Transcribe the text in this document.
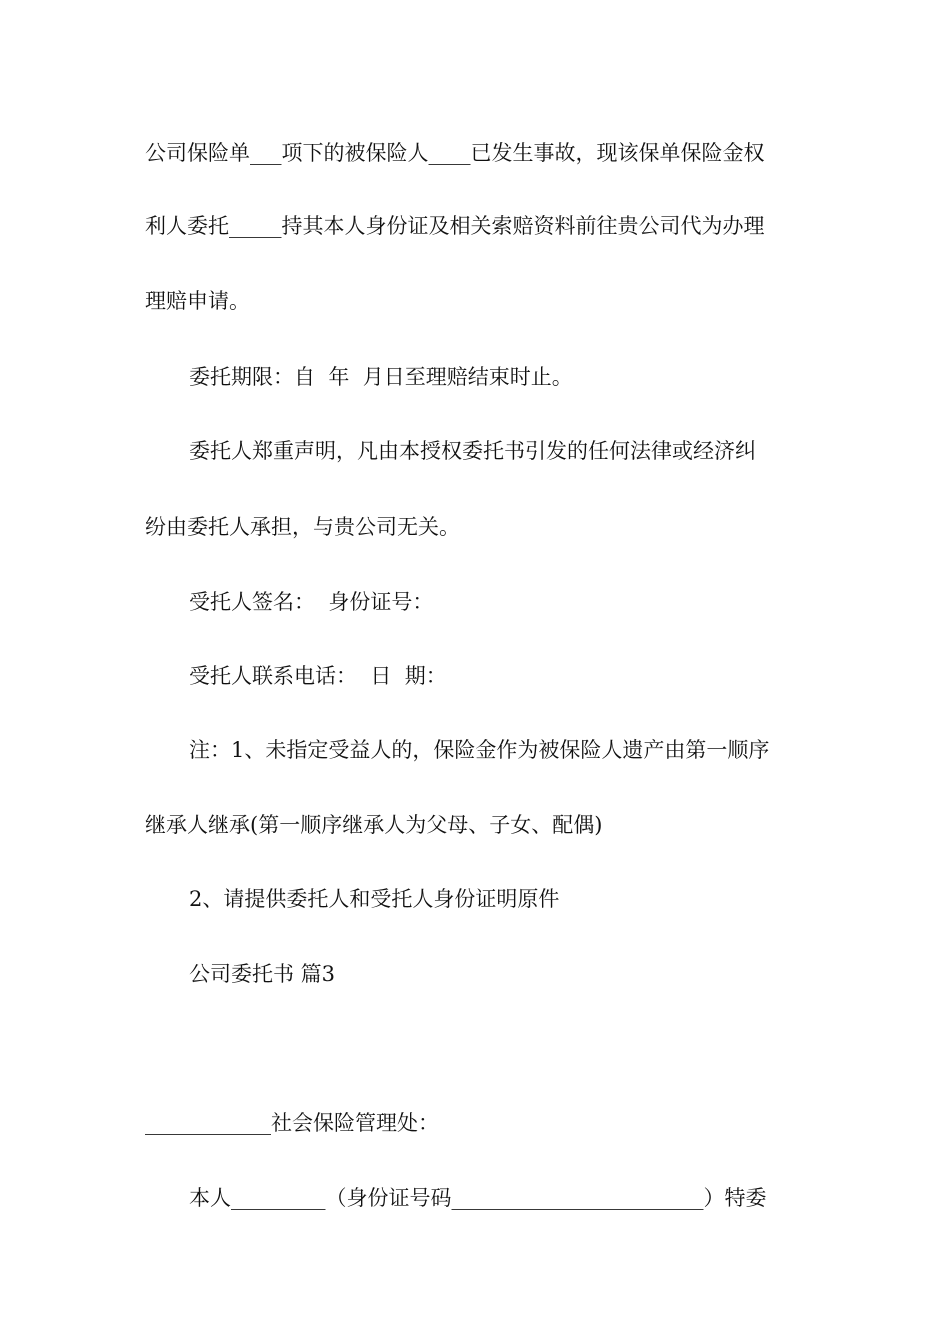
公司保险单___项下的被保险人____已发生事故，现该保单保险金权

利人委托_____持其本人身份证及相关索赔资料前往贵公司代为办理

理赔申请。

委托期限：自  年  月日至理赔结束时止。

委托人郑重声明，凡由本授权委托书引发的任何法律或经济纠

纷由委托人承担，与贵公司无关。

受托人签名：  身份证号：

受托人联系电话：  日  期：

注：1、未指定受益人的，保险金作为被保险人遗产由第一顺序

继承人继承(第一顺序继承人为父母、子女、配偶)

2、请提供委托人和受托人身份证明原件

公司委托书 篇3

____________社会保险管理处：

本人_________（身份证号码________________________）特委
